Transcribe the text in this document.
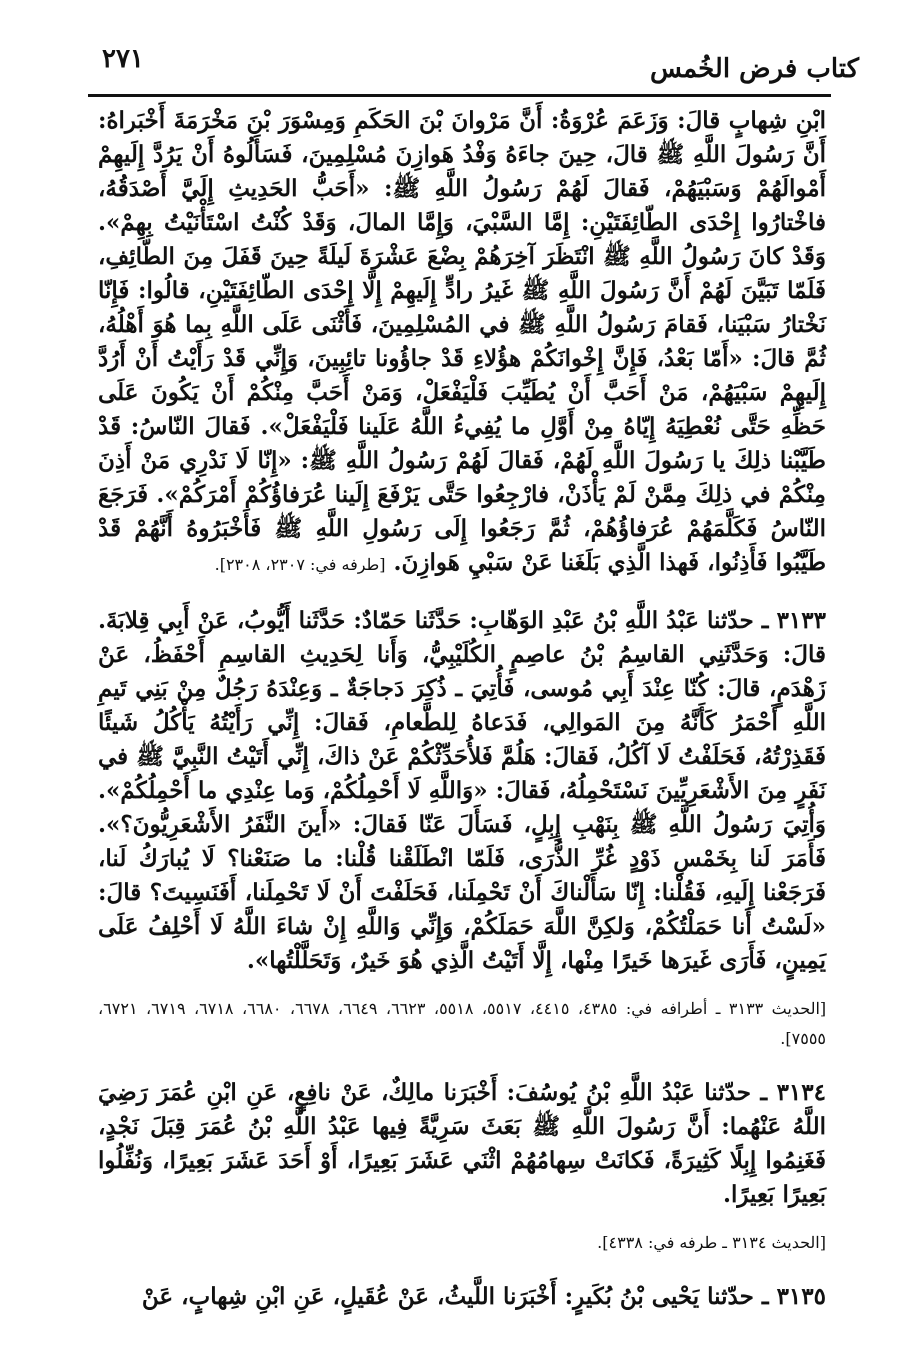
٢٧١	كتاب فرض الخُمس

ابْنِ شِهابٍ قالَ: وَزَعَمَ عُرْوَةُ: أَنَّ مَرْوانَ بْنَ الحَكَمِ وَمِسْوَرَ بْنَ مَخْرَمَةَ أَخْبَراهُ: أَنَّ رَسُولَ اللَّهِ ﷺ قالَ، حِينَ جاءَهُ وَفْدُ هَوازِنَ مُسْلِمِينَ، فَسَأَلُوهُ أَنْ يَرُدَّ إِلَيهِمْ أَمْوالَهُمْ وَسَبْيَهُمْ، فَقالَ لَهُمْ رَسُولُ اللَّهِ ﷺ: «أَحَبُّ الحَدِيثِ إِلَيَّ أَصْدَقُهُ، فاخْتارُوا إِحْدَى الطّائِفَتَيْنِ: إِمَّا السَّبْيَ، وَإِمَّا المالَ، وَقَدْ كُنْتُ اسْتَأْنَيْتُ بِهِمْ». وَقَدْ كانَ رَسُولُ اللَّهِ ﷺ انْتَظَرَ آخِرَهُمْ بِضْعَ عَشْرَةَ لَيلَةً حِينَ قَفَلَ مِنَ الطّائِفِ، فَلَمّا تَبَيَّنَ لَهُمْ أَنَّ رَسُولَ اللَّهِ ﷺ غَيرُ رادٍّ إِلَيهِمْ إِلَّا إِحْدَى الطّائِفَتَيْنِ، قالُوا: فَإِنّا نَخْتارُ سَبْيَنا، فَقامَ رَسُولُ اللَّهِ ﷺ في المُسْلِمِينَ، فَأَثْنَى عَلَى اللَّهِ بِما هُوَ أَهْلُهُ، ثُمَّ قالَ: «أَمّا بَعْدُ، فَإِنَّ إِخْوانَكُمْ هؤُلاءِ قَدْ جاؤُونا تائِبِينَ، وَإِنِّي قَدْ رَأَيْتُ أَنْ أَرُدَّ إِلَيهِمْ سَبْيَهُمْ، مَنْ أَحَبَّ أَنْ يُطَيِّبَ فَلْيَفْعَلْ، وَمَنْ أَحَبَّ مِنْكُمْ أَنْ يَكُونَ عَلَى حَظِّهِ حَتَّى نُعْطِيَهُ إِيّاهُ مِنْ أَوَّلِ ما يُفِيءُ اللَّهُ عَلَينا فَلْيَفْعَلْ». فَقالَ النّاسُ: قَدْ طَيَّبْنا ذلِكَ يا رَسُولَ اللَّهِ لَهُمْ، فَقالَ لَهُمْ رَسُولُ اللَّهِ ﷺ: «إِنّا لَا نَدْرِي مَنْ أَذِنَ مِنْكُمْ في ذلِكَ مِمَّنْ لَمْ يَأْذَنْ، فارْجِعُوا حَتَّى يَرْفَعَ إِلَينا عُرَفاؤُكُمْ أَمْرَكُمْ». فَرَجَعَ النّاسُ فَكَلَّمَهُمْ عُرَفاؤُهُمْ، ثُمَّ رَجَعُوا إِلَى رَسُولِ اللَّهِ ﷺ فَأَخْبَرُوهُ أَنَّهُمْ قَدْ طَيَّبُوا فَأَذِنُوا، فَهذا الَّذِي بَلَغَنا عَنْ سَبْيِ هَوازِنَ. [طرفه في: ٢٣٠٧، ٢٣٠٨].

٣١٣٣ ـ حدّثنا عَبْدُ اللَّهِ بْنُ عَبْدِ الوَهّابِ: حَدَّثَنا حَمّادٌ: حَدَّثَنا أَيُّوبُ، عَنْ أَبِي قِلابَةَ. قالَ: وَحَدَّثَنِي القاسِمُ بْنُ عاصِمٍ الكُلَيْبِيُّ، وَأَنا لِحَدِيثِ القاسِمِ أَحْفَظُ، عَنْ زَهْدَمٍ، قالَ: كُنّا عِنْدَ أَبِي مُوسى، فَأُتِيَ ـ ذُكِرَ دَجاجَةٌ ـ وَعِنْدَهُ رَجُلٌ مِنْ بَنِي تَيمِ اللَّهِ أَحْمَرُ كَأَنَّهُ مِنَ المَوالِي، فَدَعاهُ لِلطَّعامِ، فَقالَ: إِنِّي رَأَيْتُهُ يَأْكُلُ شَيئًا فَقَذِرْتُهُ، فَحَلَفْتُ لَا آكُلُ، فَقالَ: هَلُمَّ فَلأُحَدِّثْكُمْ عَنْ ذاكَ، إِنِّي أَتَيْتُ النَّبِيَّ ﷺ في نَفَرٍ مِنَ الأَشْعَرِيِّينَ نَسْتَحْمِلُهُ، فَقالَ: «وَاللَّهِ لَا أَحْمِلُكُمْ، وَما عِنْدِي ما أَحْمِلُكُمْ». وَأُتِيَ رَسُولُ اللَّهِ ﷺ بِنَهْبِ إِبِلٍ، فَسَأَلَ عَنّا فَقالَ: «أَينَ النَّفَرُ الأَشْعَرِيُّونَ؟». فَأَمَرَ لَنا بِخَمْسِ ذَوْدٍ غُرِّ الذُّرَى، فَلَمّا انْطَلَقْنا قُلْنا: ما صَنَعْنا؟ لَا يُبارَكُ لَنا، فَرَجَعْنا إِلَيهِ، فَقُلْنا: إِنّا سَأَلْناكَ أَنْ تَحْمِلَنا، فَحَلَفْتَ أَنْ لَا تَحْمِلَنا، أَفَنَسِيتَ؟ قالَ: «لَسْتُ أَنا حَمَلْتُكُمْ، وَلكِنَّ اللَّهَ حَمَلَكُمْ، وَإِنِّي وَاللَّهِ إِنْ شاءَ اللَّهُ لَا أَحْلِفُ عَلَى يَمِينٍ، فَأَرَى غَيرَها خَيرًا مِنْها، إِلَّا أَتَيْتُ الَّذِي هُوَ خَيرٌ، وَتَحَلَّلْتُها».

[الحديث ٣١٣٣ ـ أطرافه في: ٤٣٨٥، ٤٤١٥، ٥٥١٧، ٥٥١٨، ٦٦٢٣، ٦٦٤٩، ٦٦٧٨، ٦٦٨٠، ٦٧١٨، ٦٧١٩، ٦٧٢١، ٧٥٥٥].

٣١٣٤ ـ حدّثنا عَبْدُ اللَّهِ بْنُ يُوسُفَ: أَخْبَرَنا مالِكٌ، عَنْ نافِعٍ، عَنِ ابْنِ عُمَرَ رَضِيَ اللَّهُ عَنْهُما: أَنَّ رَسُولَ اللَّهِ ﷺ بَعَثَ سَرِيَّةً فِيها عَبْدُ اللَّهِ بْنُ عُمَرَ قِبَلَ نَجْدٍ، فَغَنِمُوا إِبِلًا كَثِيرَةً، فَكانَتْ سِهامُهُمْ اثْنَي عَشَرَ بَعِيرًا، أَوْ أَحَدَ عَشَرَ بَعِيرًا، وَنُفِّلُوا بَعِيرًا بَعِيرًا.

[الحديث ٣١٣٤ ـ طرفه في: ٤٣٣٨].

٣١٣٥ ـ حدّثنا يَحْيى بْنُ بُكَيرٍ: أَخْبَرَنا اللَّيثُ، عَنْ عُقَيلٍ، عَنِ ابْنِ شِهابٍ، عَنْ
